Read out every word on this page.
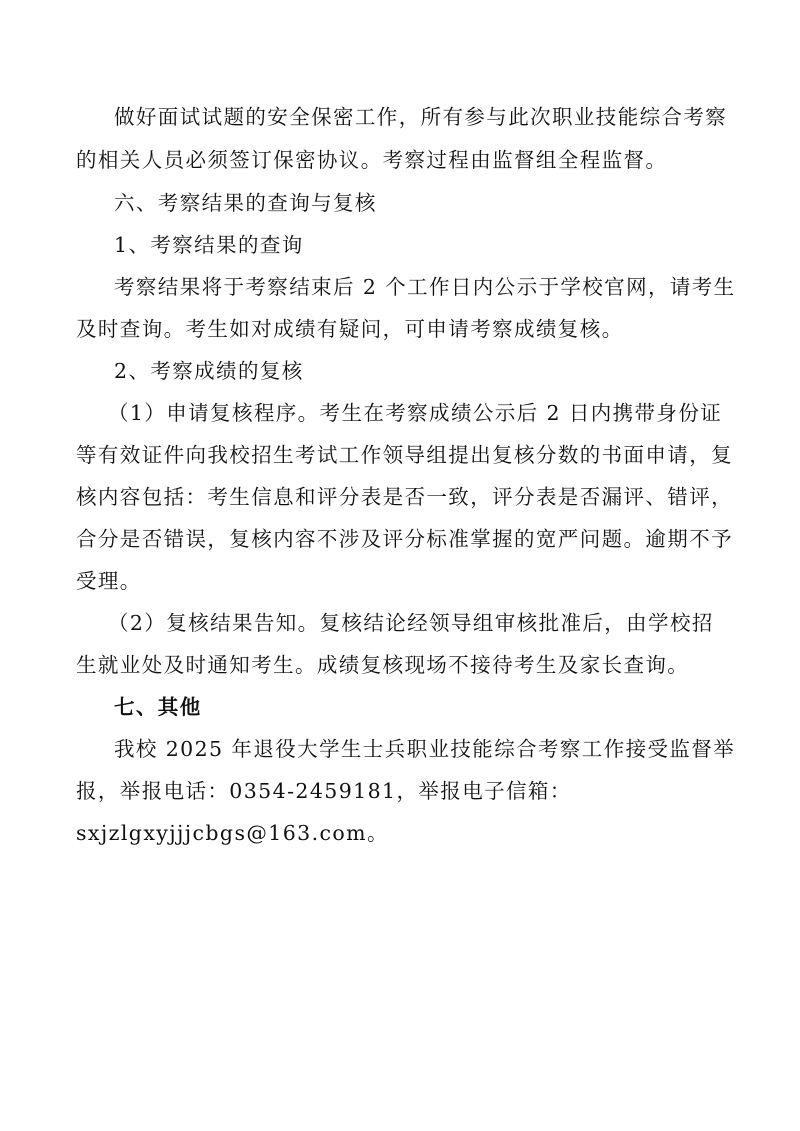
做好面试试题的安全保密工作，所有参与此次职业技能综合考察
的相关人员必须签订保密协议。考察过程由监督组全程监督。
六、考察结果的查询与复核
1、考察结果的查询
考察结果将于考察结束后 2 个工作日内公示于学校官网，请考生
及时查询。考生如对成绩有疑问，可申请考察成绩复核。
2、考察成绩的复核
（1）申请复核程序。考生在考察成绩公示后 2 日内携带身份证
等有效证件向我校招生考试工作领导组提出复核分数的书面申请，复
核内容包括：考生信息和评分表是否一致，评分表是否漏评、错评，
合分是否错误，复核内容不涉及评分标准掌握的宽严问题。逾期不予
受理。
（2）复核结果告知。复核结论经领导组审核批准后，由学校招
生就业处及时通知考生。成绩复核现场不接待考生及家长查询。
七、其他
我校 2025 年退役大学生士兵职业技能综合考察工作接受监督举
报，举报电话：0354-2459181，举报电子信箱：
sxjzlgxyjjjcbgs@163.com。
